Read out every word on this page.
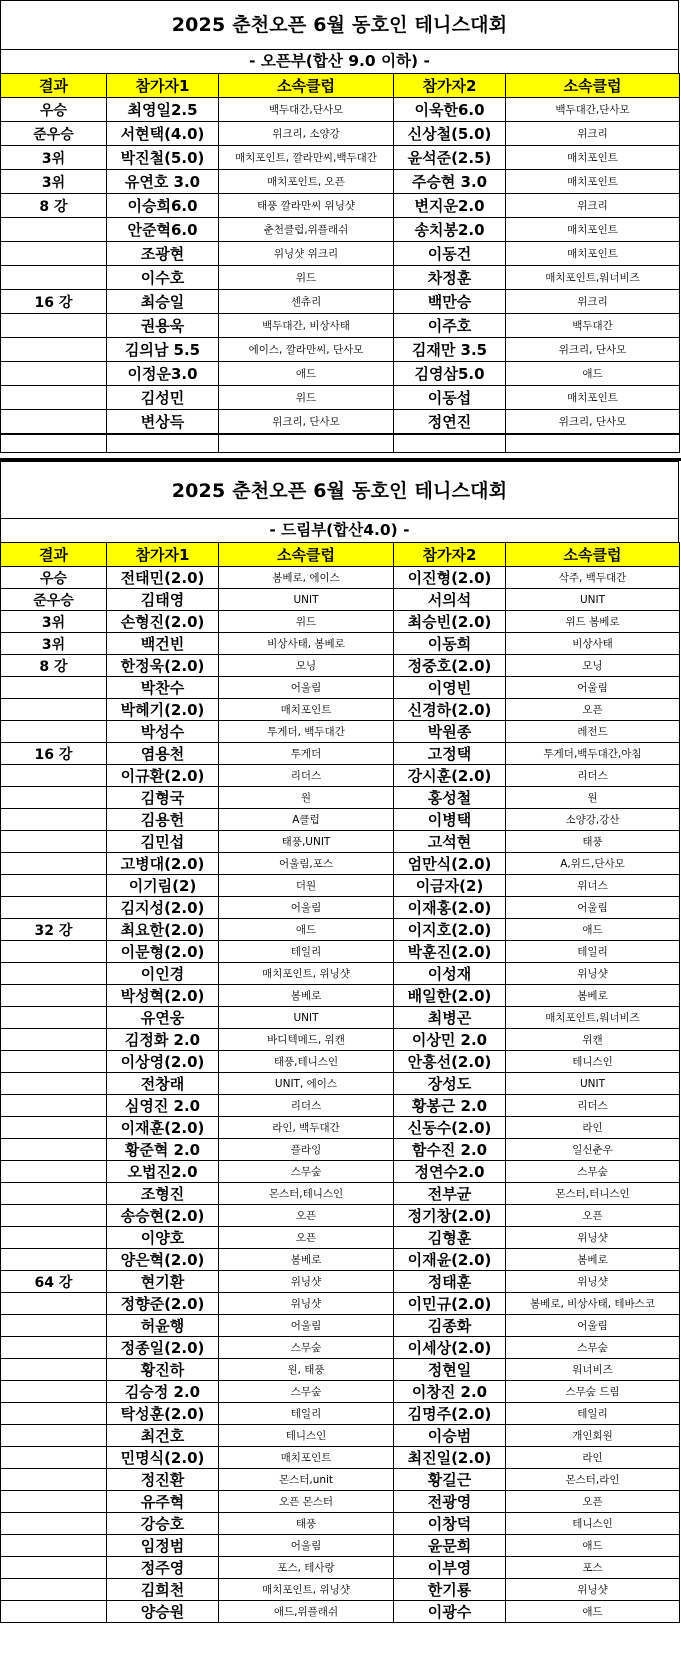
2025 춘천오픈 6월 동호인 테니스대회
- 오픈부(합산 9.0 이하) -
결과	참가자1	소속클럽	참가자2	소속클럽
우승	최영일2.5	백두대간,단사모	이욱한6.0	백두대간,단사모
준우승	서현택(4.0)	위크리, 소양강	신상철(5.0)	위크리
3위	박진철(5.0)	매치포인트, 깔라만씨,백두대간	윤석준(2.5)	매치포인트
3위	유연호 3.0	매치포인트, 오픈	주승현 3.0	매치포인트
8 강	이승희6.0	태풍 깔라만씨 위닝샷	변지운2.0	위크리
	안준혁6.0	춘천클럽,위플래쉬	송치봉2.0	매치포인트
	조광현	위닝샷 위크리	이동건	매치포인트
	이수호	위드	차정훈	매치포인트,워너비즈
16 강	최승일	센츄리	백만승	위크리
	권용욱	백두대간, 비상사태	이주호	백두대간
	김의남 5.5	에이스, 깔라만씨, 단사모	김재만 3.5	위크리, 단사모
	이정운3.0	애드	김영삼5.0	애드
	김성민	위드	이동섭	매치포인트
	변상득	위크리, 단사모	정연진	위크리, 단사모

2025 춘천오픈 6월 동호인 테니스대회
- 드림부(합산4.0) -
결과	참가자1	소속클럽	참가자2	소속클럽
우승	전태민(2.0)	봄베로, 에이스	이진형(2.0)	삭주, 백두대간
준우승	김태영	UNIT	서의석	UNIT
3위	손형진(2.0)	위드	최승빈(2.0)	위드 봄베로
3위	백건빈	비상사태, 봄베로	이동희	비상사태
8 강	한정욱(2.0)	모닝	정중호(2.0)	모닝
	박찬수	어울림	이영빈	어울림
	박헤기(2.0)	매치포인트	신경하(2.0)	오픈
	박성수	투게더, 백두대간	박원종	레전드
16 강	염용천	투게더	고정택	투게더,백두대간,아침
	이규환(2.0)	리더스	강시훈(2.0)	리더스
	김형국	원	홍성철	원
	김용헌	A클럽	이병택	소양강,강산
	김민섭	태풍,UNIT	고석현	태풍
	고병대(2.0)	어울림,포스	엄만식(2.0)	A,위드,단사모
	이기림(2)	더원	이금자(2)	위너스
	김지성(2.0)	어울림	이재홍(2.0)	어울림
32 강	최요한(2.0)	애드	이지호(2.0)	애드
	이문형(2.0)	테일리	박훈진(2.0)	테일리
	이인경	매치포인트, 위닝샷	이성재	위닝샷
	박성혁(2.0)	봄베로	배일한(2.0)	봄베로
	유연웅	UNIT	최병곤	매치포인트,워너비즈
	김정화 2.0	바디텍메드, 위캔	이상민 2.0	위캔
	이상영(2.0)	태풍,테니스인	안흥선(2.0)	테니스인
	전창래	UNIT, 에이스	장성도	UNIT
	심영진 2.0	리더스	황봉근 2.0	리더스
	이재훈(2.0)	라인, 백두대간	신동수(2.0)	라인
	황준혁 2.0	플라잉	함수진 2.0	일신춘우
	오법진2.0	스무숲	정연수2.0	스무숲
	조형진	몬스터,테니스인	전부균	몬스터,터니스인
	송승현(2.0)	오픈	정기창(2.0)	오픈
	이양호	오픈	김형훈	위닝샷
	양은혁(2.0)	봄베로	이재윤(2.0)	봄베로
64 강	현기환	위닝샷	정태훈	위닝샷
	정향준(2.0)	위닝샷	이민규(2.0)	봄베로, 비상사태, 테바스코
	허윤행	어울림	김종화	어울림
	정종일(2.0)	스무숲	이세상(2.0)	스무숲
	황진하	원, 태풍	정현일	워너비즈
	김승정 2.0	스무숲	이창진 2.0	스무숲 드림
	탁성훈(2.0)	테일리	김명주(2.0)	테일리
	최건호	테니스인	이승범	개인회원
	민명식(2.0)	매치포인트	최진일(2.0)	라인
	정진환	몬스터,unit	황길근	몬스터,라인
	유주혁	오픈 몬스터	전광영	오픈
	강승호	태풍	이창덕	테니스인
	임정범	어울림	윤문희	애드
	정주영	포스, 테사랑	이부영	포스
	김희천	매치포인트, 위닝샷	한기룡	위닝샷
	양승원	애드,위플래쉬	이광수	애드
